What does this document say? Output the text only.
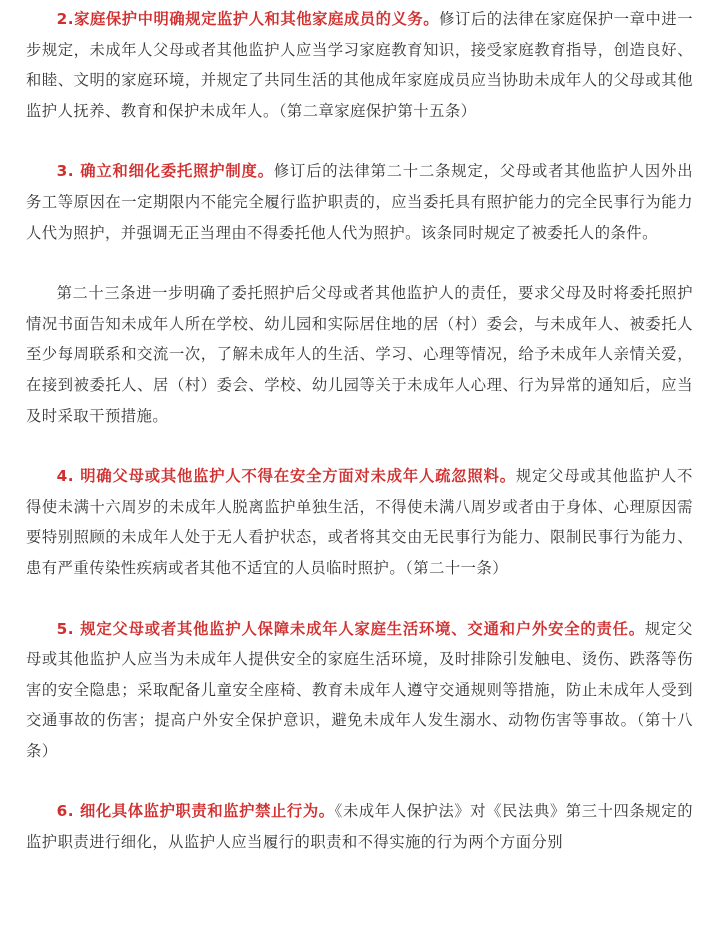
2.家庭保护中明确规定监护人和其他家庭成员的义务。修订后的法律在家庭保护一章中进一步规定，未成年人父母或者其他监护人应当学习家庭教育知识，接受家庭教育指导，创造良好、和睦、文明的家庭环境，并规定了共同生活的其他成年家庭成员应当协助未成年人的父母或其他监护人抚养、教育和保护未成年人。（第二章家庭保护第十五条）

3. 确立和细化委托照护制度。修订后的法律第二十二条规定，父母或者其他监护人因外出务工等原因在一定期限内不能完全履行监护职责的，应当委托具有照护能力的完全民事行为能力人代为照护，并强调无正当理由不得委托他人代为照护。该条同时规定了被委托人的条件。

第二十三条进一步明确了委托照护后父母或者其他监护人的责任，要求父母及时将委托照护情况书面告知未成年人所在学校、幼儿园和实际居住地的居（村）委会，与未成年人、被委托人至少每周联系和交流一次，了解未成年人的生活、学习、心理等情况，给予未成年人亲情关爱，在接到被委托人、居（村）委会、学校、幼儿园等关于未成年人心理、行为异常的通知后，应当及时采取干预措施。

4. 明确父母或其他监护人不得在安全方面对未成年人疏忽照料。规定父母或其他监护人不得使未满十六周岁的未成年人脱离监护单独生活，不得使未满八周岁或者由于身体、心理原因需要特别照顾的未成年人处于无人看护状态，或者将其交由无民事行为能力、限制民事行为能力、患有严重传染性疾病或者其他不适宜的人员临时照护。（第二十一条）

5. 规定父母或者其他监护人保障未成年人家庭生活环境、交通和户外安全的责任。规定父母或其他监护人应当为未成年人提供安全的家庭生活环境，及时排除引发触电、烫伤、跌落等伤害的安全隐患；采取配备儿童安全座椅、教育未成年人遵守交通规则等措施，防止未成年人受到交通事故的伤害；提高户外安全保护意识，避免未成年人发生溺水、动物伤害等事故。（第十八条）

6. 细化具体监护职责和监护禁止行为。《未成年人保护法》对《民法典》第三十四条规定的监护职责进行细化，从监护人应当履行的职责和不得实施的行为两个方面分别
